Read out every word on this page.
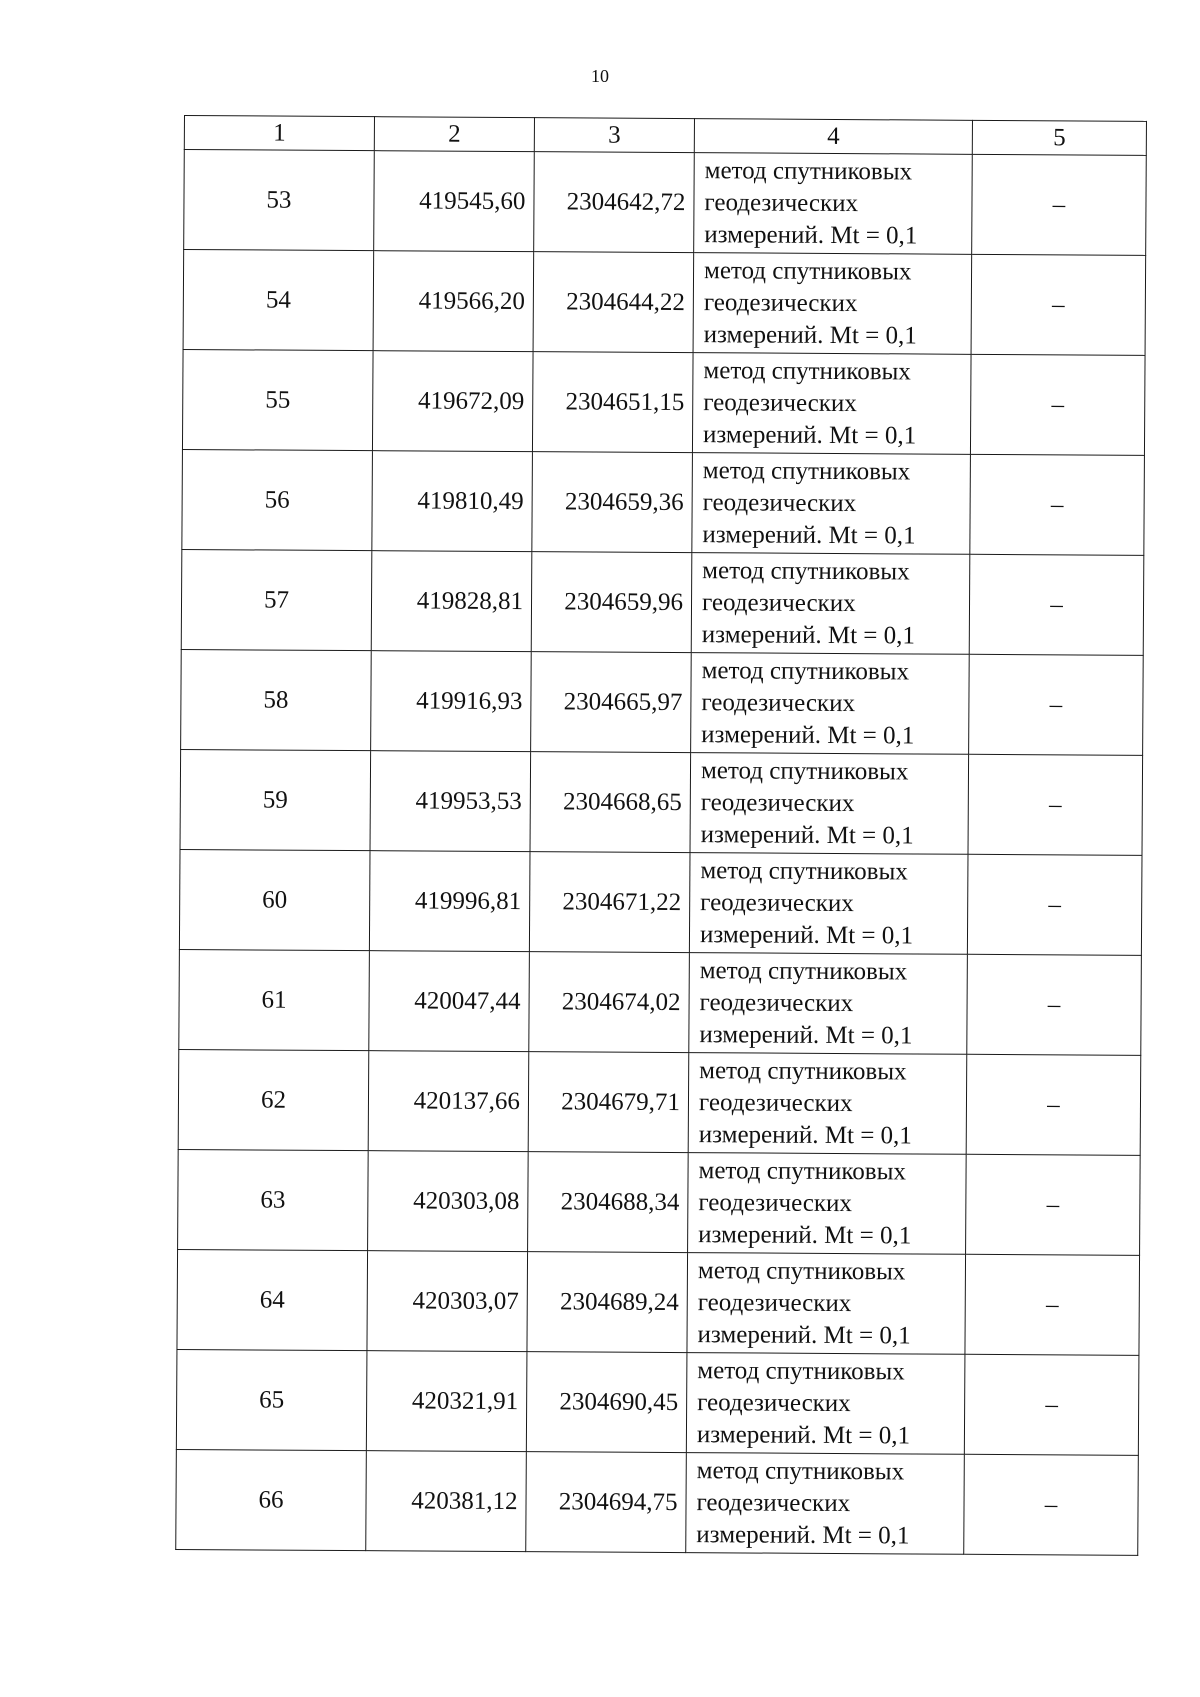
10
1	2	3	4	5
53	419545,60	2304642,72	метод спутниковых
геодезических
измерений. Mt = 0,1	–
54	419566,20	2304644,22	метод спутниковых
геодезических
измерений. Mt = 0,1	–
55	419672,09	2304651,15	метод спутниковых
геодезических
измерений. Mt = 0,1	–
56	419810,49	2304659,36	метод спутниковых
геодезических
измерений. Mt = 0,1	–
57	419828,81	2304659,96	метод спутниковых
геодезических
измерений. Mt = 0,1	–
58	419916,93	2304665,97	метод спутниковых
геодезических
измерений. Mt = 0,1	–
59	419953,53	2304668,65	метод спутниковых
геодезических
измерений. Mt = 0,1	–
60	419996,81	2304671,22	метод спутниковых
геодезических
измерений. Mt = 0,1	–
61	420047,44	2304674,02	метод спутниковых
геодезических
измерений. Mt = 0,1	–
62	420137,66	2304679,71	метод спутниковых
геодезических
измерений. Mt = 0,1	–
63	420303,08	2304688,34	метод спутниковых
геодезических
измерений. Mt = 0,1	–
64	420303,07	2304689,24	метод спутниковых
геодезических
измерений. Mt = 0,1	–
65	420321,91	2304690,45	метод спутниковых
геодезических
измерений. Mt = 0,1	–
66	420381,12	2304694,75	метод спутниковых
геодезических
измерений. Mt = 0,1	–
